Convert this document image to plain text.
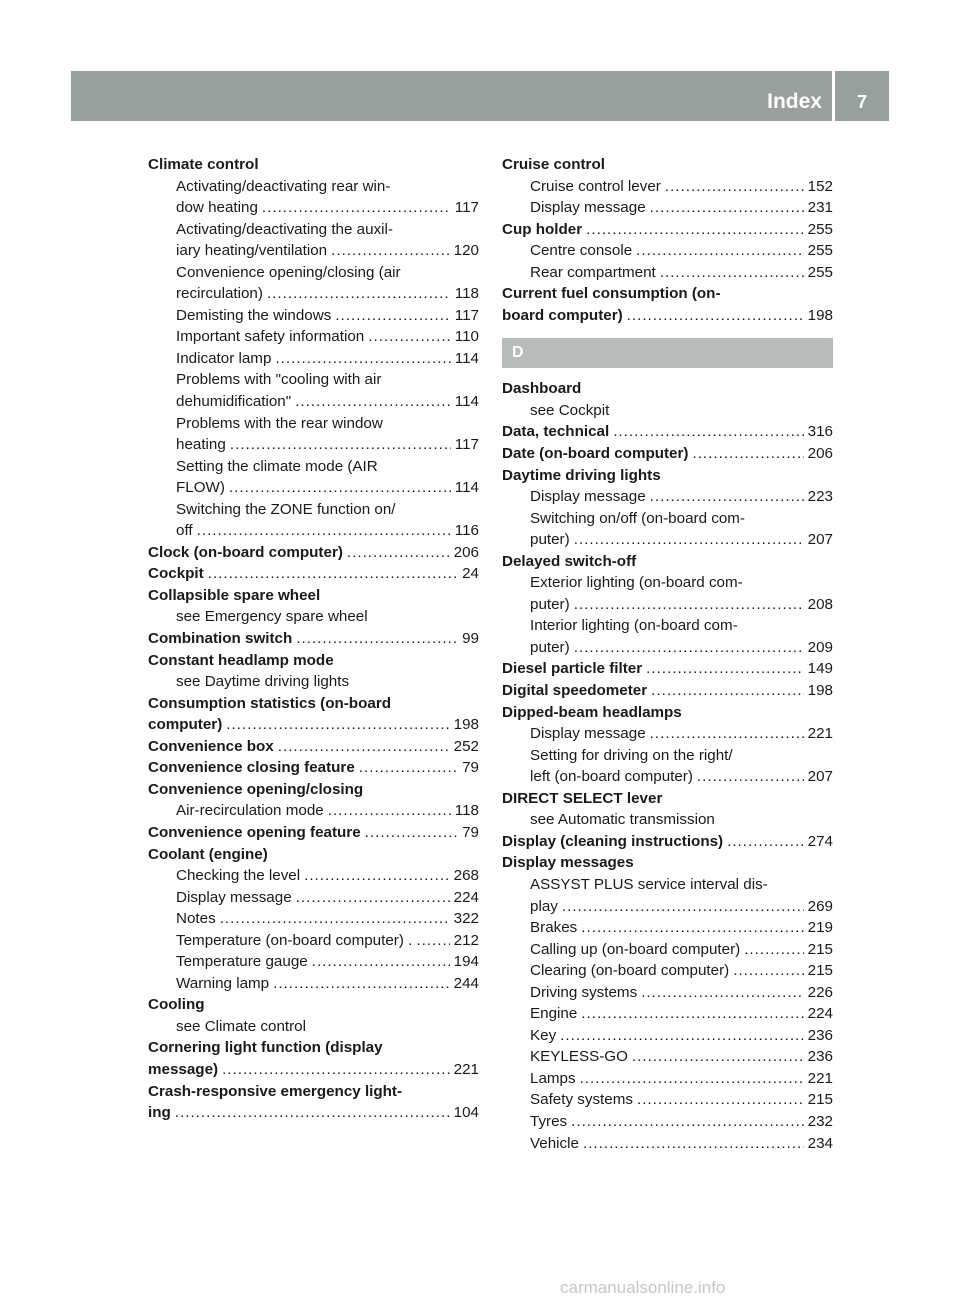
Index 7
Climate control
Activating/deactivating rear win-
dow heating .....	117
Activating/deactivating the auxil-
iary heating/ventilation .....	120
Convenience opening/closing (air
recirculation) .....	118
Demisting the windows .....	117
Important safety information .....	110
Indicator lamp .....	114
Problems with "cooling with air
dehumidification" .....	114
Problems with the rear window
heating .....	117
Setting the climate mode (AIR
FLOW) .....	114
Switching the ZONE function on/
off .....	116
Clock (on-board computer) .....	206
Cockpit .....	24
Collapsible spare wheel
see Emergency spare wheel
Combination switch .....	99
Constant headlamp mode
see Daytime driving lights
Consumption statistics (on-board
computer) .....	198
Convenience box .....	252
Convenience closing feature .....	79
Convenience opening/closing
Air-recirculation mode .....	118
Convenience opening feature .....	79
Coolant (engine)
Checking the level .....	268
Display message .....	224
Notes .....	322
Temperature (on-board computer) . .....	212
Temperature gauge .....	194
Warning lamp .....	244
Cooling
see Climate control
Cornering light function (display
message) .....	221
Crash-responsive emergency light-
ing .....	104
Cruise control
Cruise control lever .....	152
Display message .....	231
Cup holder .....	255
Centre console .....	255
Rear compartment .....	255
Current fuel consumption (on-
board computer) .....	198
D
Dashboard
see Cockpit
Data, technical .....	316
Date (on-board computer) .....	206
Daytime driving lights
Display message .....	223
Switching on/off (on-board com-
puter) .....	207
Delayed switch-off
Exterior lighting (on-board com-
puter) .....	208
Interior lighting (on-board com-
puter) .....	209
Diesel particle filter .....	149
Digital speedometer .....	198
Dipped-beam headlamps
Display message .....	221
Setting for driving on the right/
left (on-board computer) .....	207
DIRECT SELECT lever
see Automatic transmission
Display (cleaning instructions) .....	274
Display messages
ASSYST PLUS service interval dis-
play .....	269
Brakes .....	219
Calling up (on-board computer) .....	215
Clearing (on-board computer) .....	215
Driving systems .....	226
Engine .....	224
Key .....	236
KEYLESS-GO .....	236
Lamps .....	221
Safety systems .....	215
Tyres .....	232
Vehicle .....	234
carmanualsonline.info
